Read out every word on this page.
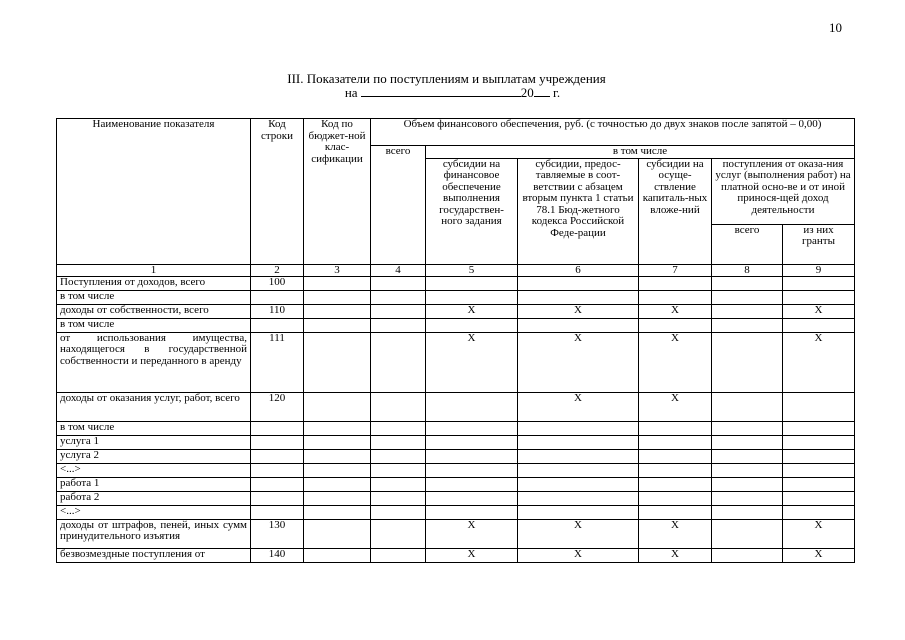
10
III. Показатели по поступлениям и выплатам учреждения
на	20 г.
Наименование показателя	Код строки	Код по бюджет-ной клас-сификации	Объем финансового обеспечения, руб. (с точностью до двух знаков после запятой – 0,00)					
			всего	в том числе				
				субсидии на финансовое обеспечение выполнения государствен-ного задания	субсидии, предос-тавляемые в соот-ветствии с абзацем вторым пункта 1 статьи 78.1 Бюд-жетного кодекса Российской Феде-рации	субсидии на осуще-ствление капиталь-ных вложе-ний	поступления от оказа-ния услуг (выполнения работ) на платной осно-ве и от иной принося-щей доход деятельности	
							всего	из них гранты
1	2	3	4	5	6	7	8	9
Поступления от доходов, всего	100							
в том числе								
доходы от собственности, всего	110			X	X	X		X
в том числе								
от использования имущества, находящегося в государственной собственности и переданного в аренду	111			X	X	X		X
доходы от оказания услуг, работ, всего	120				X	X		
в том числе								
услуга 1								
услуга 2								
<...>								
работа 1								
работа 2								
<...>								
доходы от штрафов, пеней, иных сумм принудительного изъятия	130			X	X	X		X
безвозмездные поступления от	140			X	X	X		X
